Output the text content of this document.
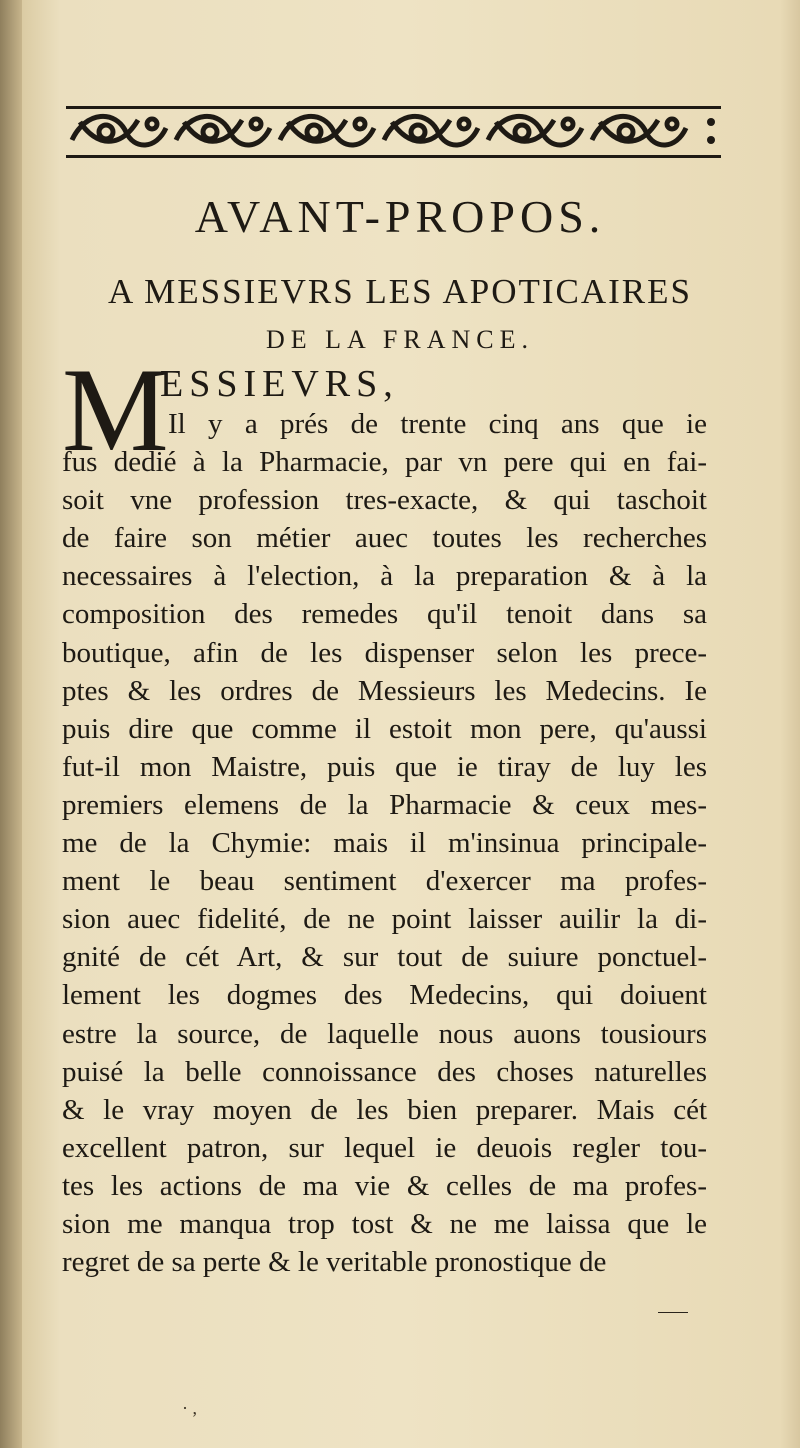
AVANT-PROPOS.
A MESSIEVRS LES APOTICAIRES
DE LA FRANCE.
M
ESSIEVRS,
Il y a prés de trente cinq ans que ie
fus dedié à la Pharmacie, par vn pere qui en fai-
soit vne profession tres-exacte, & qui taschoit
de faire son métier auec toutes les recherches
necessaires à l'election, à la preparation & à la
composition des remedes qu'il tenoit dans sa
boutique, afin de les dispenser selon les prece-
ptes & les ordres de Messieurs les Medecins. Ie
puis dire que comme il estoit mon pere, qu'aussi
fut-il mon Maistre, puis que ie tiray de luy les
premiers elemens de la Pharmacie & ceux mes-
me de la Chymie: mais il m'insinua principale-
ment le beau sentiment d'exercer ma profes-
sion auec fidelité, de ne point laisser auilir la di-
gnité de cét Art, & sur tout de suiure ponctuel-
lement les dogmes des Medecins, qui doiuent
estre la source, de laquelle nous auons tousiours
puisé la belle connoissance des choses naturelles
& le vray moyen de les bien preparer. Mais cét
excellent patron, sur lequel ie deuois regler tou-
tes les actions de ma vie & celles de ma profes-
sion me manqua trop tost & ne me laissa que le
regret de sa perte & le veritable pronostique de
· ,
